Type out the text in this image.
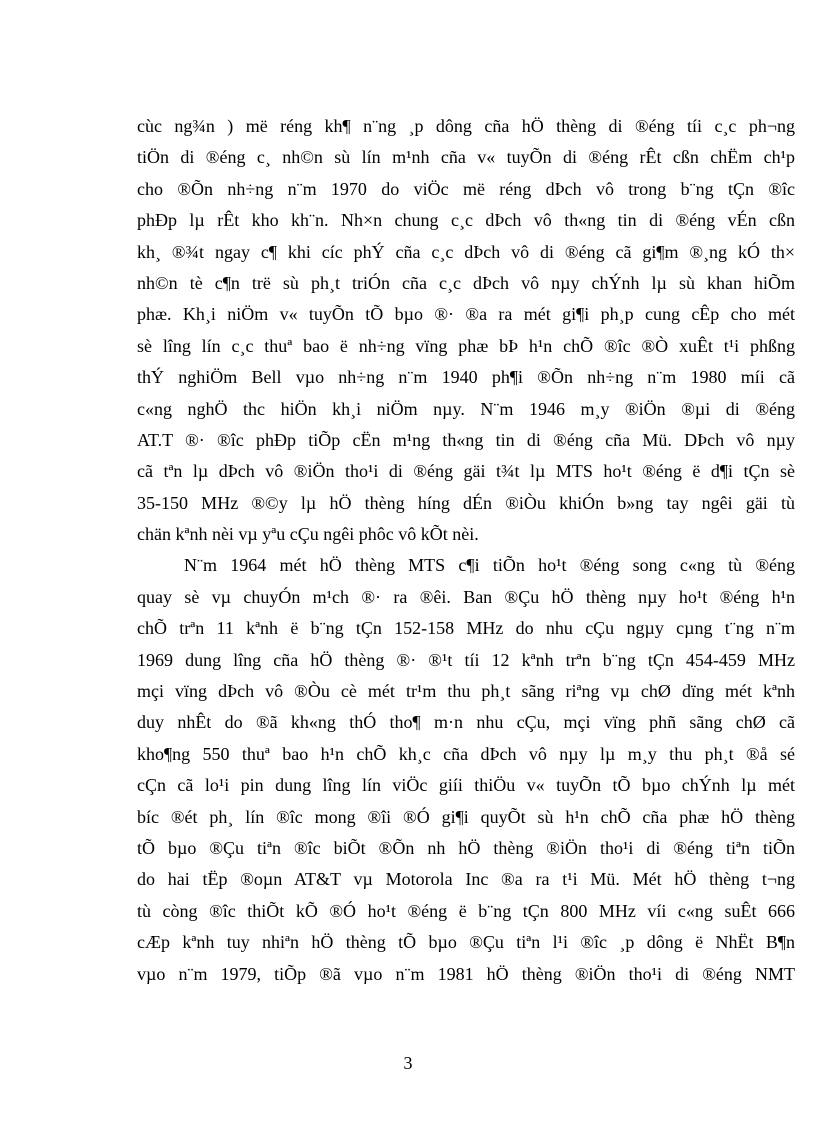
cùc ng¾n ) më réng kh¶ n¨ng ¸p dông cña hÖ thèng di ®éng tíi c¸c ph¬ng
tiÖn di ®éng c¸ nh©n sù lín m¹nh cña v« tuyÕn di ®éng rÊt cßn chËm ch¹p
cho ®Õn nh÷ng n¨m 1970 do viÖc më réng dÞch vô trong b¨ng tÇn ®îc
phÐp lµ rÊt kho kh¨n. Nh×n chung c¸c dÞch vô th«ng tin di ®éng vÉn cßn
kh¸ ®¾t ngay c¶ khi cíc phÝ cña c¸c dÞch vô di ®éng cã gi¶m ®¸ng kÓ th×
nh©n tè c¶n trë sù ph¸t triÓn cña c¸c dÞch vô nµy chÝnh lµ sù khan hiÕm
phæ. Kh¸i niÖm v« tuyÕn tÕ bµo ®· ®a ra mét gi¶i ph¸p cung cÊp cho mét
sè lîng lín c¸c thuª bao ë nh÷ng vïng phæ bÞ h¹n chÕ ®îc ®Ò xuÊt t¹i phßng
thÝ nghiÖm Bell vµo nh÷ng n¨m 1940 ph¶i ®Õn nh÷ng n¨m 1980 míi cã
c«ng nghÖ thc hiÖn kh¸i niÖm nµy. N¨m 1946 m¸y ®iÖn ®µi di ®éng
AT.T ®· ®îc phÐp tiÕp cËn m¹ng th«ng tin di ®éng cña Mü. DÞch vô nµy
cã tªn lµ dÞch vô ®iÖn tho¹i di ®éng gäi t¾t lµ MTS ho¹t ®éng ë d¶i tÇn sè
35-150 MHz ®©y lµ hÖ thèng híng dÉn ®iÒu khiÓn b»ng tay ngêi gäi tù
chän kªnh nèi vµ yªu cÇu ngêi phôc vô kÕt nèi.
N¨m 1964 mét hÖ thèng MTS c¶i tiÕn ho¹t ®éng song c«ng tù ®éng
quay sè vµ chuyÓn m¹ch ®· ra ®êi. Ban ®Çu hÖ thèng nµy ho¹t ®éng h¹n
chÕ trªn 11 kªnh ë b¨ng tÇn 152-158 MHz do nhu cÇu ngµy cµng t¨ng n¨m
1969 dung lîng cña hÖ thèng ®· ®¹t tíi 12 kªnh trªn b¨ng tÇn 454-459 MHz
mçi vïng dÞch vô ®Òu cè mét tr¹m thu ph¸t sãng riªng vµ chØ dïng mét kªnh
duy nhÊt do ®ã kh«ng thÓ tho¶ m·n nhu cÇu, mçi vïng phñ sãng chØ cã
kho¶ng 550 thuª bao h¹n chÕ kh¸c cña dÞch vô nµy lµ m¸y thu ph¸t ®å sé
cÇn cã lo¹i pin dung lîng lín viÖc giíi thiÖu v« tuyÕn tÕ bµo chÝnh lµ mét
bíc ®ét ph¸ lín ®îc mong ®îi ®Ó gi¶i quyÕt sù h¹n chÕ cña phæ hÖ thèng
tÕ bµo ®Çu tiªn ®îc biÕt ®Õn nh hÖ thèng ®iÖn tho¹i di ®éng tiªn tiÕn
do hai tËp ®oµn AT&T vµ Motorola Inc ®a ra t¹i Mü. Mét hÖ thèng t¬ng
tù còng ®îc thiÕt kÕ ®Ó ho¹t ®éng ë b¨ng tÇn 800 MHz víi c«ng suÊt 666
cÆp kªnh tuy nhiªn hÖ thèng tÕ bµo ®Çu tiªn l¹i ®îc ¸p dông ë NhËt B¶n
vµo n¨m 1979, tiÕp ®ã vµo n¨m 1981 hÖ thèng ®iÖn tho¹i di ®éng NMT
3
